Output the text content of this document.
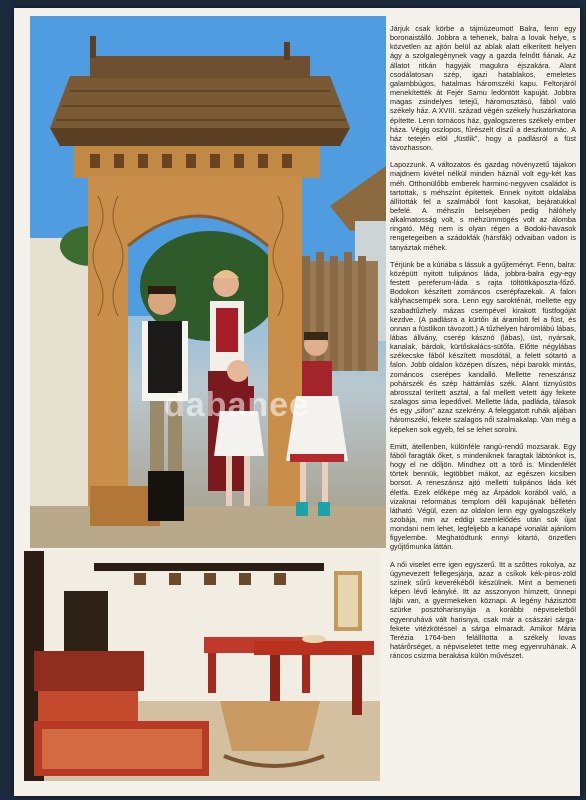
Járjuk csak körbe a tájmúzeumot! Balra, fenn egy boronaistálló. Jobbra a tehenek, balra a lovak helye, s közvetlen az ajtón belül az ablak alatt elkerített helyen ágy a szolgalegénynek vagy a gazda felnőtt fiának. Az állatot ritkán hagyják magukra éjszakára. Alant csodálatosan szép, igazi hatablakos, emeletes galambbúgos, hatalmas háromszéki kapu. Feltorjáról menekítették át Fejér Samu ledöntött kapuját. Jobbra magas zsindelyes tetejű, háromosztású, fából való székely ház. A XVIII. század végén székely huszárkatona építette. Lenn tornácos ház, gyalogszeres székely ember háza. Végig oszlopos, fűrészelt díszű a deszkatornác. A ház tetején elöl „füstlik”, hogy a padlásról a füst távozhasson.

Lapozzunk. A változatos és gazdag növényzetű tájakon majdnem kivétel nélkül minden háznál volt egy-két kas méh. Otthonülőbb emberek harminc-negyven családot is tartottak, s méhszínt építettek. Ennek nyitott oldalába állították fel a szalmából font kasokat, bejáratukkal befelé. A méhszín belsejében pedig hálóhely alkalmatosság volt, s méhzümmögés volt az álomba ringató. Még nem is olyan régen a Bodoki-havasok rengetegeiben a szádokfák (hársfák) odvaiban vadon is tanyáztak méhek.

Térjünk be a kúriába s lássuk a gyűjteményt. Fenn, balra: középütt nyitott tulipános láda, jobbra-balra egy-egy festett pereferum-láda s rajta töltöttkáposzta-főző. Bodokon készített zománcos cserépfazekak. A falon kályhacsempék sora. Lenn egy sarokténát, mellette egy szabadtűzhely mázas csempével kirakott füstfogóját kezdve. (A padlásra a kürtőn át áramlott fel a füst, és onnan a füstlikon távozott.) A tűzhelyen háromlábú lábas, lábas állvány, cserép kásznó (lábas), üst, nyársak, kanalak, bárdok, kürtőskalács-sütőfa. Előtte négylábas székecske fából készített mosdótál, a felett sótartó a falon. Jobb oldalon középen díszes, népi barokk mintás, zománcos cserépes kandalló. Mellette reneszánsz pohárszék és szép háttámlás szék. Alant tiznyústös abrosszal terített asztal, a fal mellett vetett ágy fekete szalagos sima lepedővel. Mellette láda, padláda, tálasok és egy „sifon” azaz szekrény. A feleggatott ruhák aljában háromszéki, fekete szalagos női szalmakalap. Van még a képeken sok egyéb, fel se lehet sorolni.

Emitt, átellenben, különféle rangú-rendű mozsarak. Egy fából faragták őket, s mindeniknek faragtak lábtónkot is, hogy el ne dőljön. Mindhez ott a törő is. Mindenfélét törtek bennük, legtöbbet mákot, az egészen kicsiben borsot. A reneszánsz ajtó melletti tulipános láda két életfa. Ezek előképe még az Árpádok korából való, a vizaknai református templom déli kapujának bélletén látható. Végül, ezen az oldalon lenn egy gyalogszékely szobája, min az eddigi szemlélődés után sok újat mondani nem lehet, legfeljebb a kanapé vonalát ajánlom figyelembe. Meghatódtunk ennyi kitartó, önzetlen gyűjtőmunka láttán.

A női viselet erre igen egyszerű. Itt a szőttes rokolya, az úgynevezett fellegesjárja, azaz a csíkok kék-piros-zöld színek sűrű keverékéből készülnek. Mint a bemeneti képen lévő leányké. Itt az asszonyon hímzett, ünnepi lájbi van, a gyermekeken köznapi. A legény házisztött szürke posztóharisnyája a korábbi népviseletből egyenruhává vált harisnya, csak már a császári sárga-fekete vitézkötéssel a sárga elmaradt. Amikor Mária Terézia 1764-ben felállította a székely lovas határőrséget, a népviseletet tette meg egyenruhának. A ráncos csizma berakása külön művészet.

dabanee
